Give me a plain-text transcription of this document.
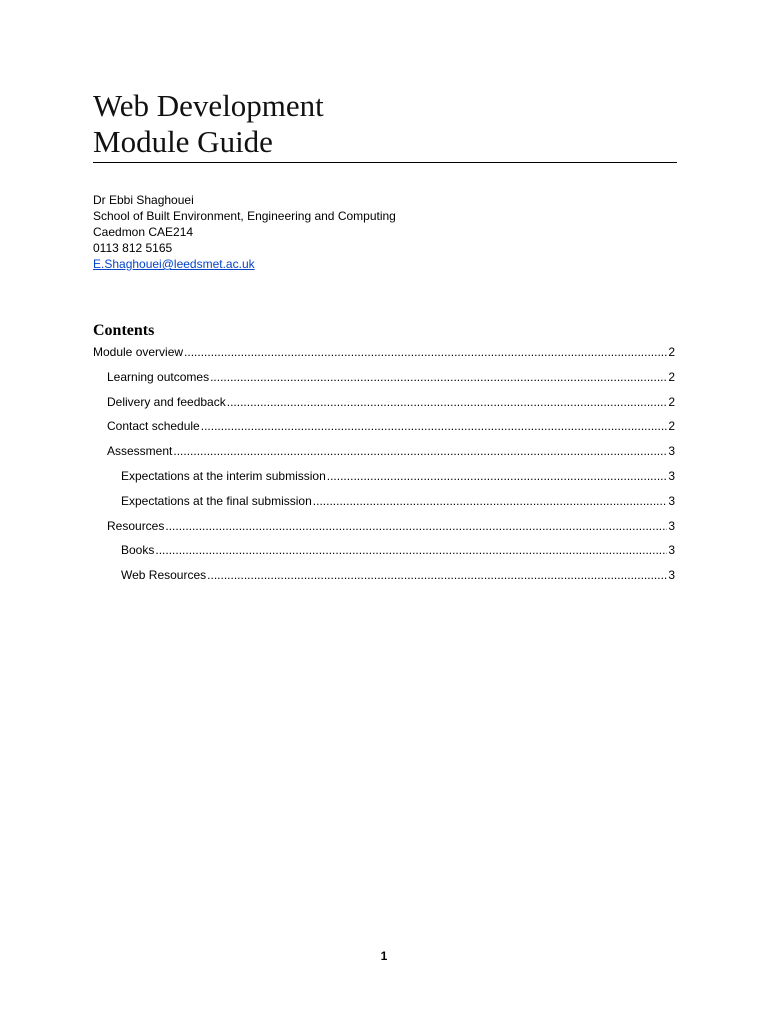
Web Development
Module Guide
Dr Ebbi Shaghouei
School of Built Environment, Engineering and Computing
Caedmon CAE214
0113 812 5165
E.Shaghouei@leedsmet.ac.uk
Contents
Module overview .....	2
Learning outcomes .....	2
Delivery and feedback .....	2
Contact schedule .....	2
Assessment .....	3
Expectations at the interim submission .....	3
Expectations at the final submission .....	3
Resources .....	3
Books .....	3
Web Resources .....	3
1
